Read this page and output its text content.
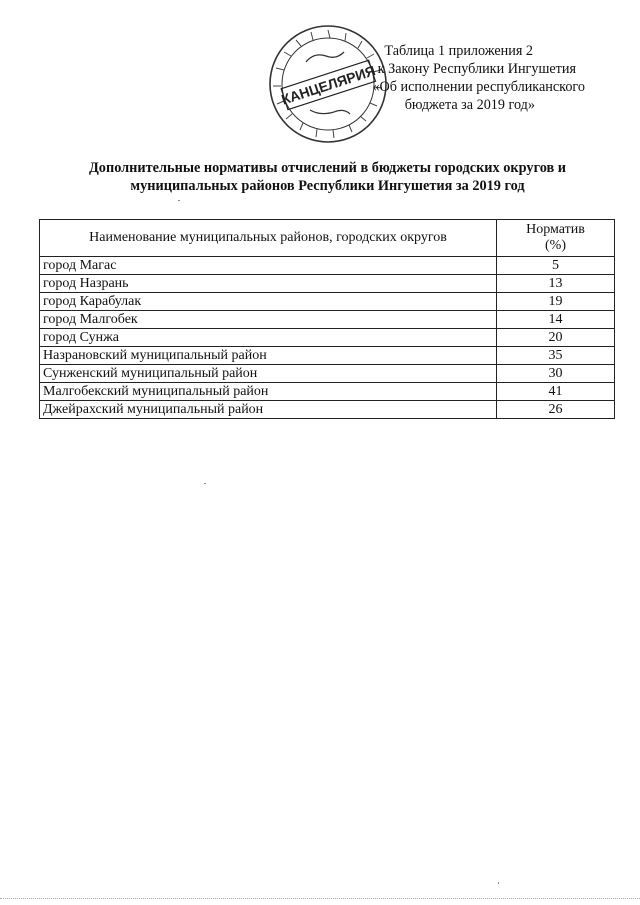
КАНЦЕЛЯРИЯ
Таблица 1 приложения 2
к Закону Республики Ингушетия
«Об исполнении республиканского
бюджета за 2019 год»
Дополнительные нормативы отчислений в бюджеты городских округов и
муниципальных районов Республики Ингушетия за 2019 год
Наименование муниципальных районов, городских округов	Норматив
(%)

город Магас	5
город Назрань	13
город Карабулак	19
город Малгобек	14
город Сунжа	20
Назрановский муниципальный район	35
Сунженский муниципальный район	30
Малгобекский муниципальный район	41
Джейрахский муниципальный район	26
